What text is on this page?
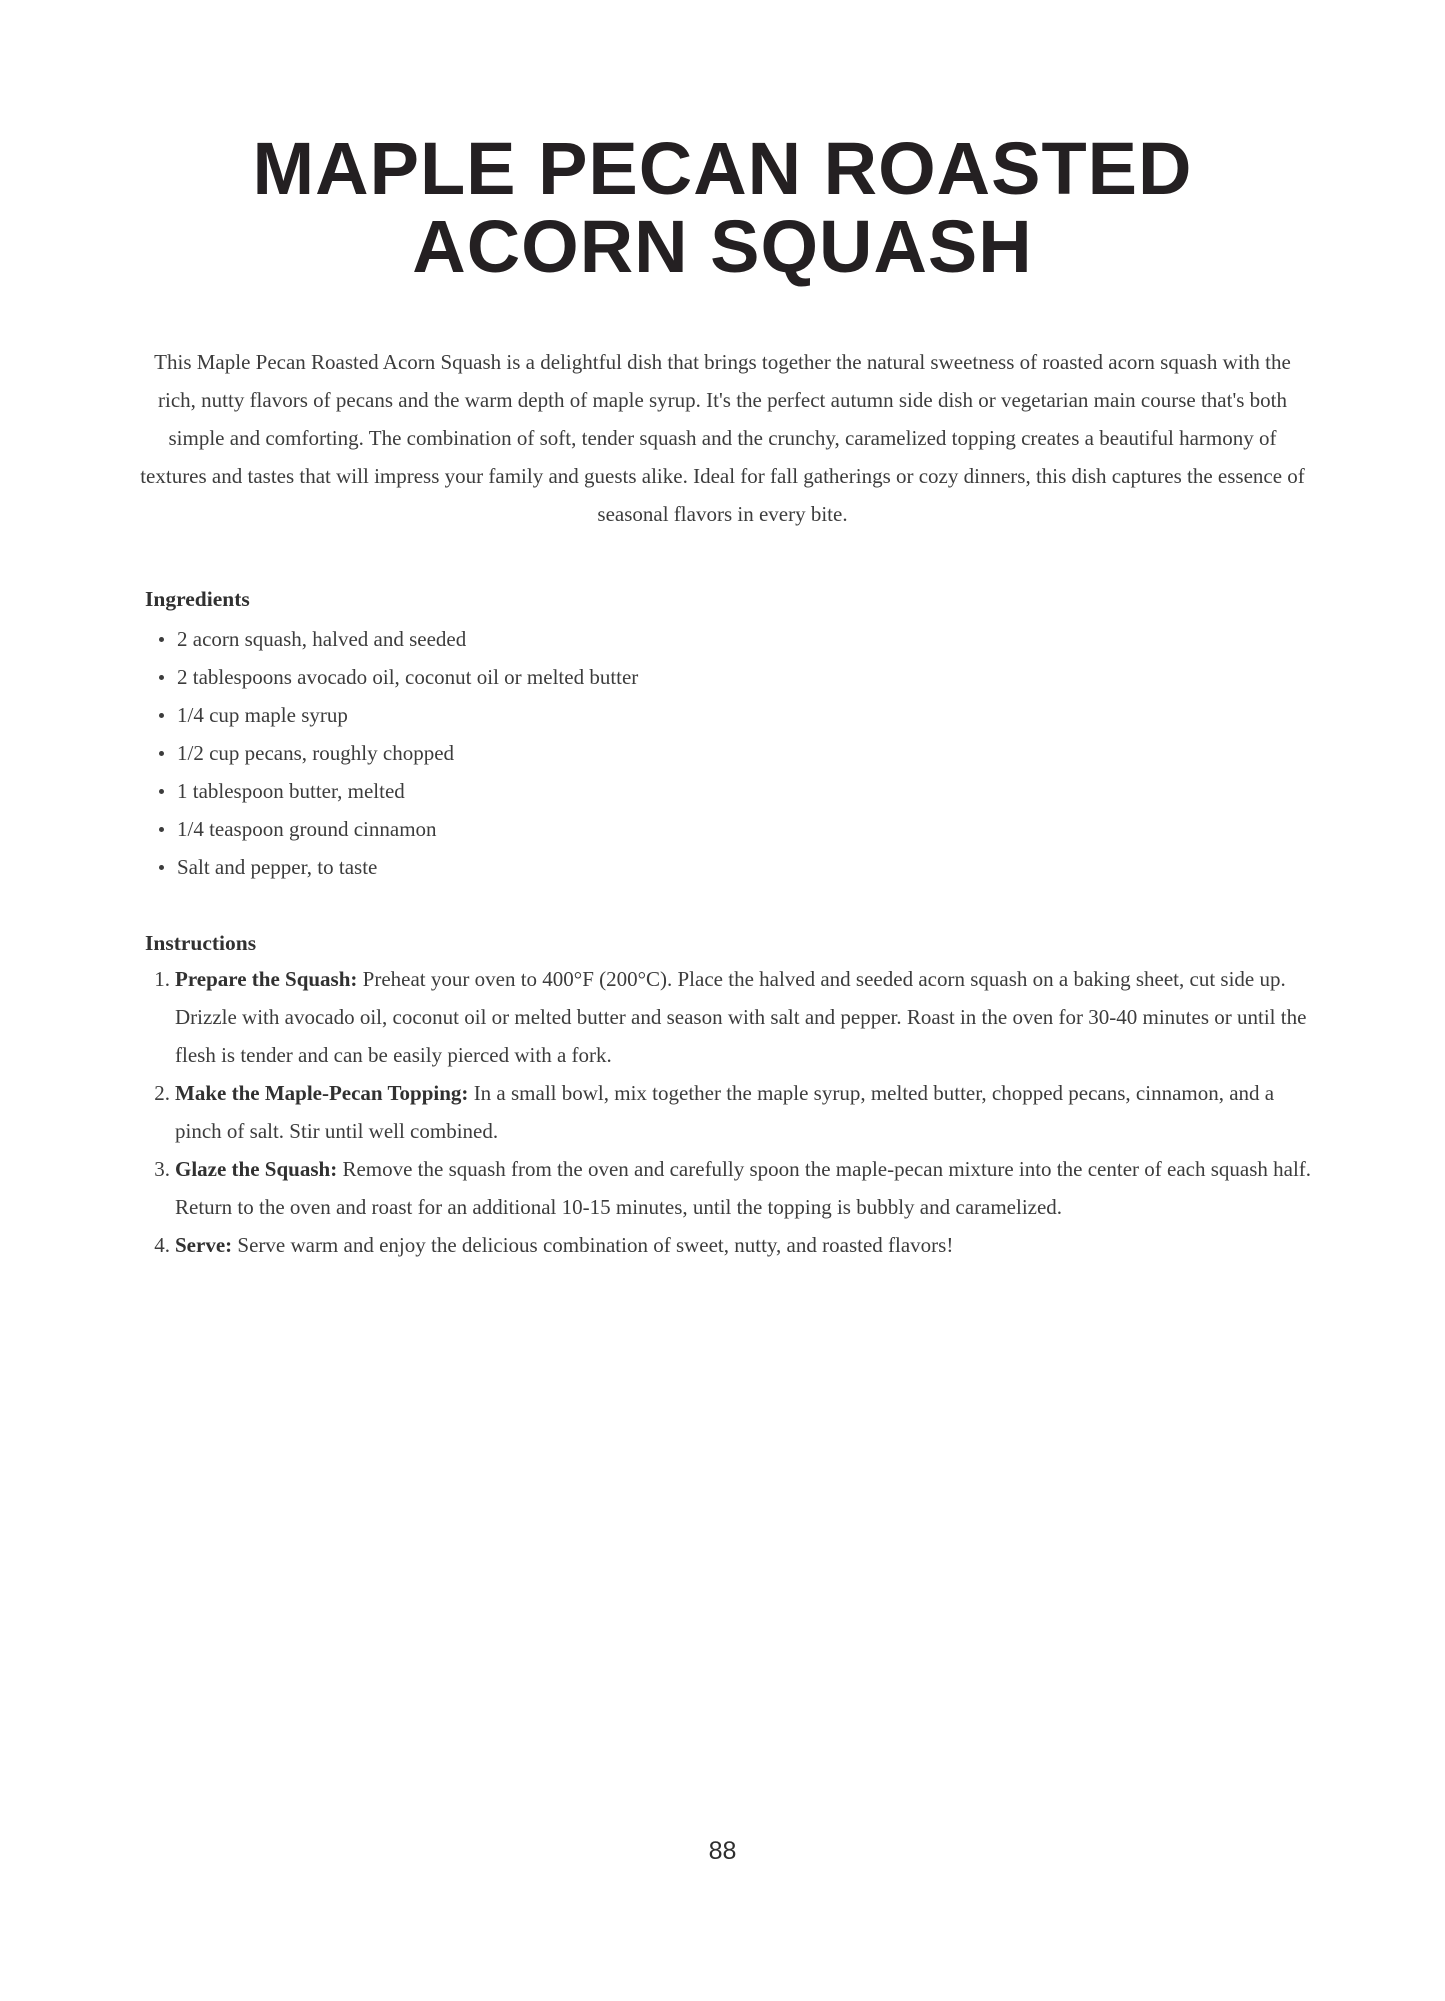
MAPLE PECAN ROASTED
ACORN SQUASH

This Maple Pecan Roasted Acorn Squash is a delightful dish that brings together the natural sweetness of roasted acorn squash with the rich, nutty flavors of pecans and the warm depth of maple syrup. It's the perfect autumn side dish or vegetarian main course that's both simple and comforting. The combination of soft, tender squash and the crunchy, caramelized topping creates a beautiful harmony of textures and tastes that will impress your family and guests alike. Ideal for fall gatherings or cozy dinners, this dish captures the essence of seasonal flavors in every bite.

Ingredients
2 acorn squash, halved and seeded
2 tablespoons avocado oil, coconut oil or melted butter
1/4 cup maple syrup
1/2 cup pecans, roughly chopped
1 tablespoon butter, melted
1/4 teaspoon ground cinnamon
Salt and pepper, to taste
Instructions
Prepare the Squash: Preheat your oven to 400°F (200°C). Place the halved and seeded acorn squash on a baking sheet, cut side up. Drizzle with avocado oil, coconut oil or melted butter and season with salt and pepper. Roast in the oven for 30-40 minutes or until the flesh is tender and can be easily pierced with a fork.
Make the Maple-Pecan Topping: In a small bowl, mix together the maple syrup, melted butter, chopped pecans, cinnamon, and a pinch of salt. Stir until well combined.
Glaze the Squash: Remove the squash from the oven and carefully spoon the maple-pecan mixture into the center of each squash half. Return to the oven and roast for an additional 10-15 minutes, until the topping is bubbly and caramelized.
Serve: Serve warm and enjoy the delicious combination of sweet, nutty, and roasted flavors!
88
